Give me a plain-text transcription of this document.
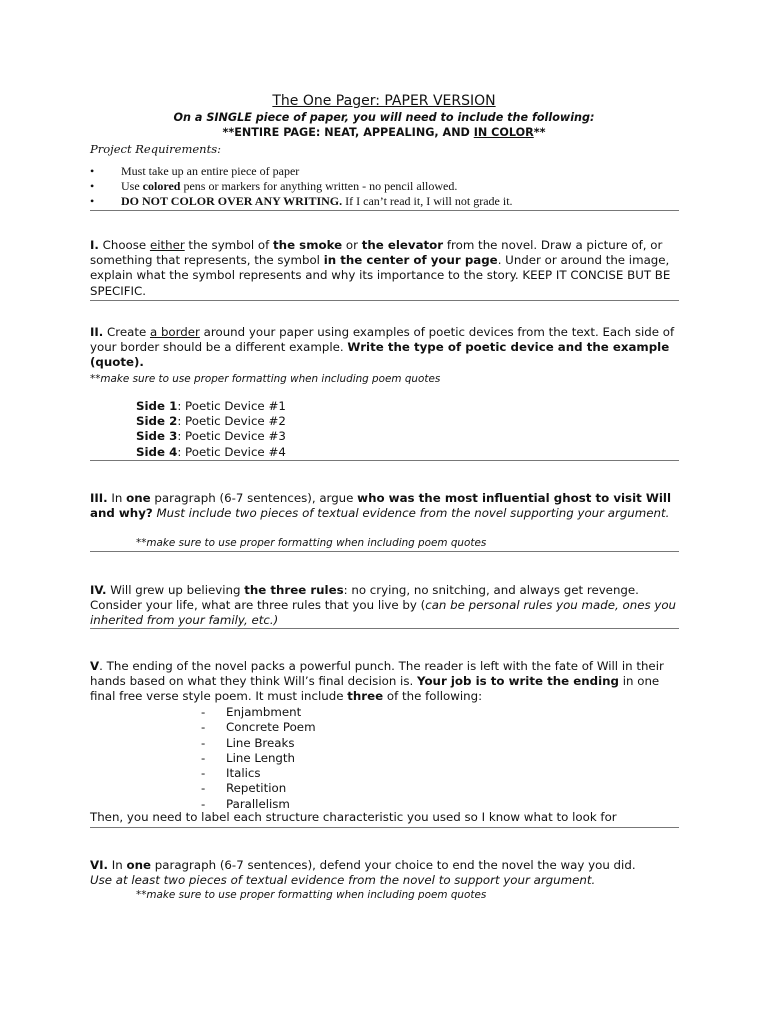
The One Pager: PAPER VERSION
On a SINGLE piece of paper, you will need to include the following:
**ENTIRE PAGE: NEAT, APPEALING, AND IN COLOR**
Project Requirements:
• Must take up an entire piece of paper
• Use colored pens or markers for anything written - no pencil allowed.
• DO NOT COLOR OVER ANY WRITING. If I can’t read it, I will not grade it.
I. Choose either the symbol of the smoke or the elevator from the novel. Draw a picture of, or something that represents, the symbol in the center of your page. Under or around the image, explain what the symbol represents and why its importance to the story. KEEP IT CONCISE BUT BE SPECIFIC.
II. Create a border around your paper using examples of poetic devices from the text. Each side of your border should be a different example. Write the type of poetic device and the example (quote).
**make sure to use proper formatting when including poem quotes
Side 1: Poetic Device #1
Side 2: Poetic Device #2
Side 3: Poetic Device #3
Side 4: Poetic Device #4
III. In one paragraph (6-7 sentences), argue who was the most influential ghost to visit Will and why? Must include two pieces of textual evidence from the novel supporting your argument.
**make sure to use proper formatting when including poem quotes
IV. Will grew up believing the three rules: no crying, no snitching, and always get revenge. Consider your life, what are three rules that you live by (can be personal rules you made, ones you inherited from your family, etc.)
V. The ending of the novel packs a powerful punch. The reader is left with the fate of Will in their hands based on what they think Will’s final decision is. Your job is to write the ending in one final free verse style poem. It must include three of the following:
- Enjambment
- Concrete Poem
- Line Breaks
- Line Length
- Italics
- Repetition
- Parallelism
Then, you need to label each structure characteristic you used so I know what to look for
VI. In one paragraph (6-7 sentences), defend your choice to end the novel the way you did.
Use at least two pieces of textual evidence from the novel to support your argument.
**make sure to use proper formatting when including poem quotes
